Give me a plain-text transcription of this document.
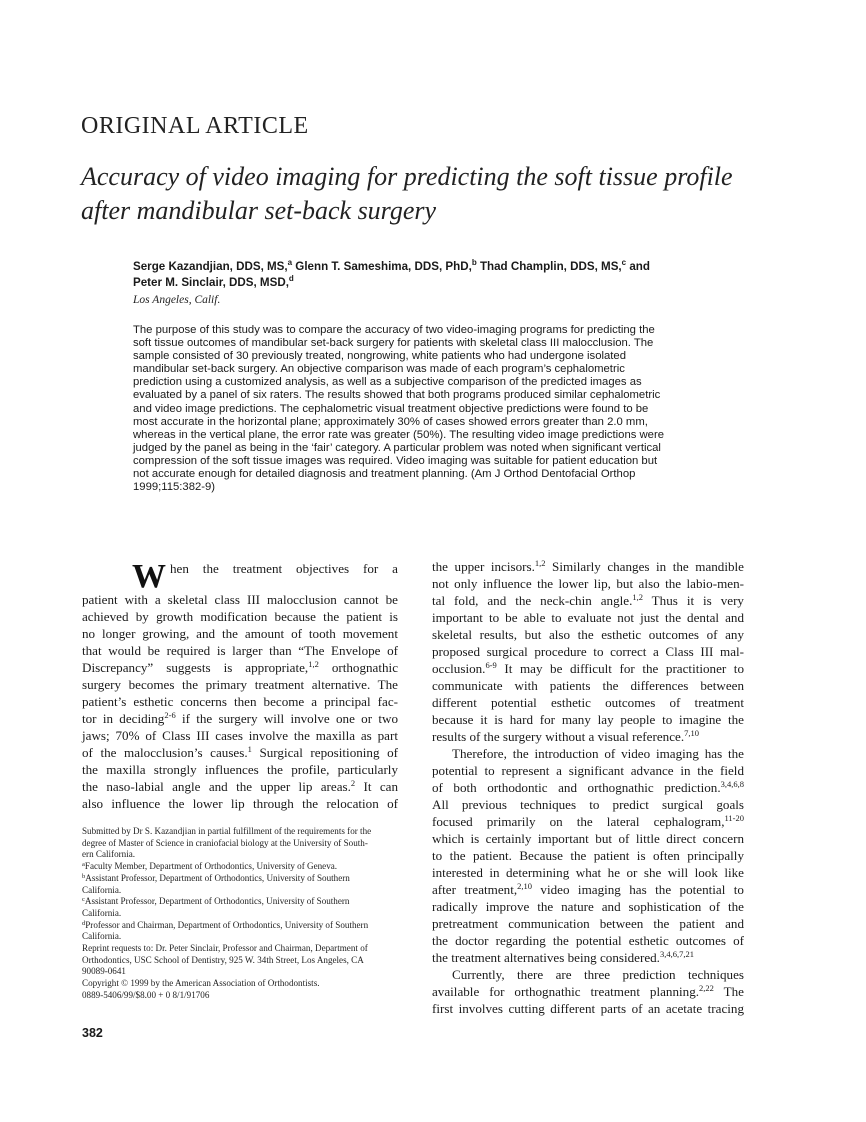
ORIGINAL ARTICLE
Accuracy of video imaging for predicting the soft tissue profile
after mandibular set-back surgery
Serge Kazandjian, DDS, MS,$^a$ Glenn T. Sameshima, DDS, PhD,$^b$ Thad Champlin, DDS, MS,$^c$ and
Peter M. Sinclair, DDS, MSD,$^d$
Los Angeles, Calif.
The purpose of this study was to compare the accuracy of two video-imaging programs for predicting the
soft tissue outcomes of mandibular set-back surgery for patients with skeletal class III malocclusion. The
sample consisted of 30 previously treated, nongrowing, white patients who had undergone isolated
mandibular set-back surgery. An objective comparison was made of each program’s cephalometric
prediction using a customized analysis, as well as a subjective comparison of the predicted images as
evaluated by a panel of six raters. The results showed that both programs produced similar cephalometric
and video image predictions. The cephalometric visual treatment objective predictions were found to be
most accurate in the horizontal plane; approximately 30% of cases showed errors greater than 2.0 mm,
whereas in the vertical plane, the error rate was greater (50%). The resulting video image predictions were
judged by the panel as being in the ‘fair’ category. A particular problem was noted when significant vertical
compression of the soft tissue images was required. Video imaging was suitable for patient education but
not accurate enough for detailed diagnosis and treatment planning. (Am J Orthod Dentofacial Orthop
1999;115:382-9)
When the treatment objectives for a
patient with a skeletal class III malocclusion cannot be
achieved by growth modification because the patient is
no longer growing, and the amount of tooth movement
that would be required is larger than “The Envelope of
Discrepancy” suggests is appropriate,$^{1,2}$ orthognathic
surgery becomes the primary treatment alternative. The
patient’s esthetic concerns then become a principal fac-
tor in deciding$^{2-6}$ if the surgery will involve one or two
jaws; 70% of Class III cases involve the maxilla as part
of the malocclusion’s causes.$^1$ Surgical repositioning of
the maxilla strongly influences the profile, particularly
the naso-labial angle and the upper lip areas.$^2$ It can
also influence the lower lip through the relocation of
the upper incisors.$^{1,2}$ Similarly changes in the mandible
not only influence the lower lip, but also the labio-men-
tal fold, and the neck-chin angle.$^{1,2}$ Thus it is very
important to be able to evaluate not just the dental and
skeletal results, but also the esthetic outcomes of any
proposed surgical procedure to correct a Class III mal-
occlusion.$^{6-9}$ It may be difficult for the practitioner to
communicate with patients the differences between
different potential esthetic outcomes of treatment
because it is hard for many lay people to imagine the
results of the surgery without a visual reference.$^{7,10}$
Therefore, the introduction of video imaging has the
potential to represent a significant advance in the field
of both orthodontic and orthognathic prediction.$^{3,4,6,8}$
All previous techniques to predict surgical goals
focused primarily on the lateral cephalogram,$^{11-20}$
which is certainly important but of little direct concern
to the patient. Because the patient is often principally
interested in determining what he or she will look like
after treatment,$^{2,10}$ video imaging has the potential to
radically improve the nature and sophistication of the
pretreatment communication between the patient and
the doctor regarding the potential esthetic outcomes of
the treatment alternatives being considered.$^{3,4,6,7,21}$
Currently, there are three prediction techniques
available for orthognathic treatment planning.$^{2,22}$ The
first involves cutting different parts of an acetate tracing
Submitted by Dr S. Kazandjian in partial fulfillment of the requirements for the
degree of Master of Science in craniofacial biology at the University of South-
ern California.
$^a$Faculty Member, Department of Orthodontics, University of Geneva.
$^b$Assistant Professor, Department of Orthodontics, University of Southern
California.
$^c$Assistant Professor, Department of Orthodontics, University of Southern
California.
$^d$Professor and Chairman, Department of Orthodontics, University of Southern
California.
Reprint requests to: Dr. Peter Sinclair, Professor and Chairman, Department of
Orthodontics, USC School of Dentistry, 925 W. 34th Street, Los Angeles, CA
90089-0641
Copyright © 1999 by the American Association of Orthodontists.
0889-5406/99/$8.00 + 0 8/1/91706
382
